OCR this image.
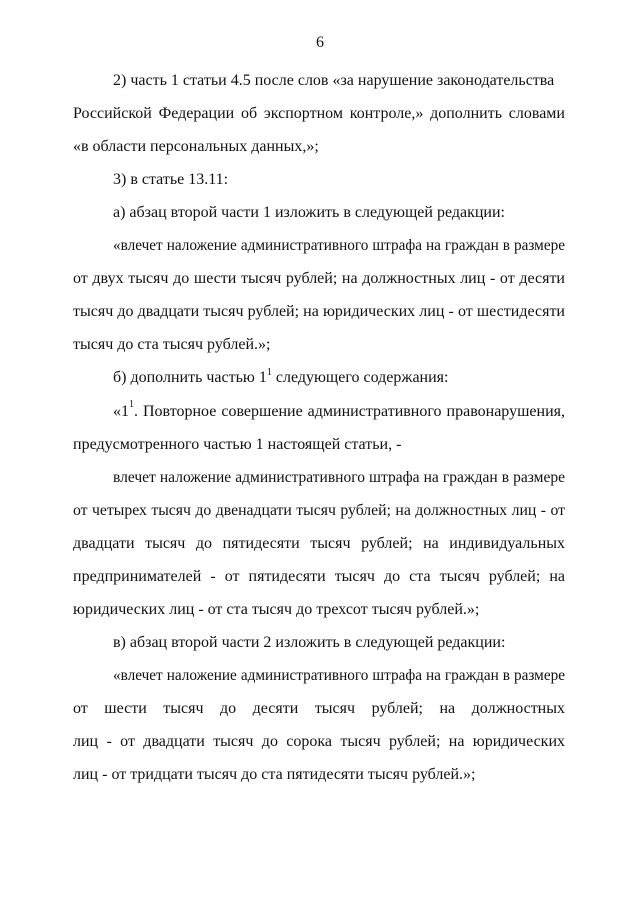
6
2) часть 1 статьи 4.5 после слов «за нарушение законодательства
Российской Федерации об экспортном контроле,» дополнить словами
«в области персональных данных,»;
3) в статье 13.11:
а) абзац второй части 1 изложить в следующей редакции:
«влечет наложение административного штрафа на граждан в размере
от двух тысяч до шести тысяч рублей; на должностных лиц - от десяти
тысяч до двадцати тысяч рублей; на юридических лиц - от шестидесяти
тысяч до ста тысяч рублей.»;
б) дополнить частью $1^1$ следующего содержания:
«1 1 . Повторное совершение административного правонарушения,
предусмотренного частью 1 настоящей статьи, -
влечет наложение административного штрафа на граждан в размере
от четырех тысяч до двенадцати тысяч рублей; на должностных лиц - от
двадцати тысяч до пятидесяти тысяч рублей; на индивидуальных
предпринимателей - от пятидесяти тысяч до ста тысяч рублей; на
юридических лиц - от ста тысяч до трехсот тысяч рублей.»;
в) абзац второй части 2 изложить в следующей редакции:
«влечет наложение административного штрафа на граждан в размере
от шести тысяч до десяти тысяч рублей; на должностных
лиц - от двадцати тысяч до сорока тысяч рублей; на юридических
лиц - от тридцати тысяч до ста пятидесяти тысяч рублей.»;
